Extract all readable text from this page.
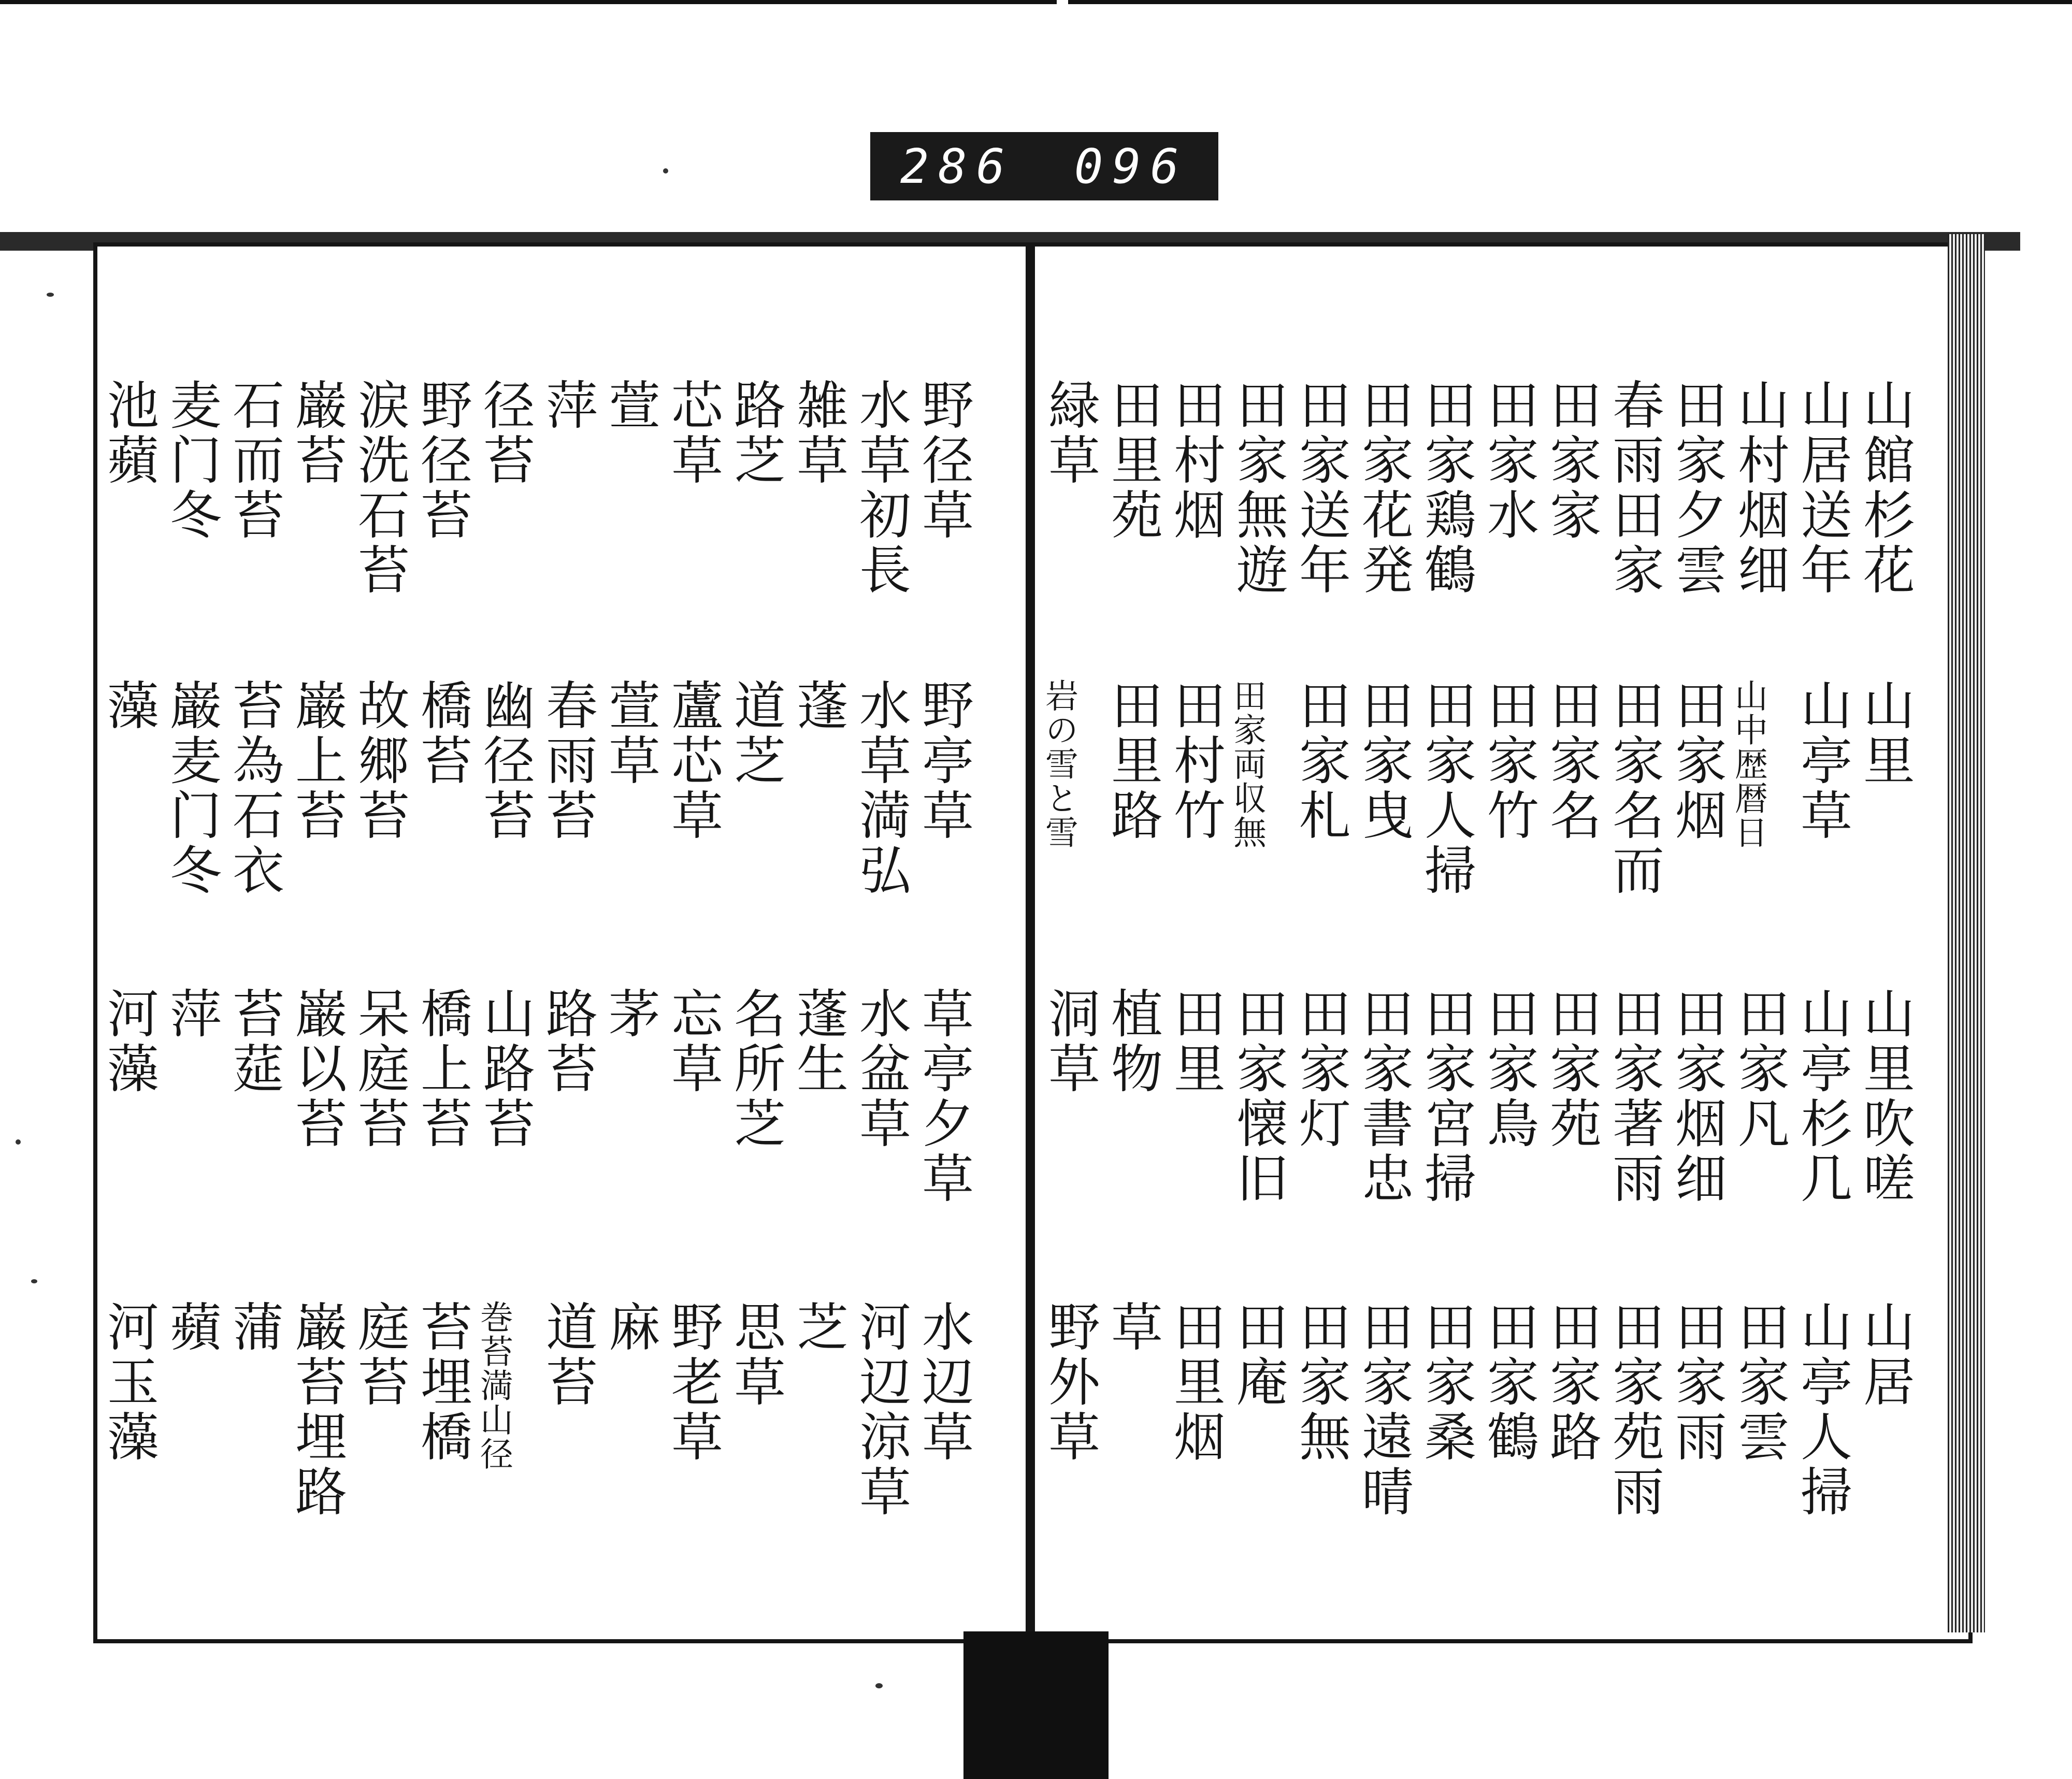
286 096
山館杉花
山居送年
山村烟细
田家夕雲
春雨田家
田家家
田家水
田家鶏鶴
田家花発
田家送年
田家無遊
田村烟
田里苑
緑草
山里
山亭草
山中歴暦日
田家烟
田家名而
田家名
田家竹
田家人掃
田家曳
田家札
田家両収無
田村竹
田里路
岩の雪と雪
山里吹嗟
山亭杉几
田家凡
田家烟细
田家著雨
田家苑
田家鳥
田家宮掃
田家書忠
田家灯
田家懐旧
田里
植物
洞草
山居
山亭人掃
田家雲
田家雨
田家苑雨
田家路
田家鶴
田家桑
田家遠晴
田家無
田庵
田里烟
草
野外草
野径草
水草初長
雑草
路芝
芯草
萱
萍
径苔
野径苔
涙洗石苔
巌苔
石而苔
麦门冬
池蘋
野亭草
水草満弘
蓬
道芝
蘆芯草
萱草
春雨苔
幽径苔
橋苔
故郷苔
巌上苔
苔為石衣
巌麦门冬
藻
草亭夕草
水盆草
蓬生
名所芝
忘草
茅
路苔
山路苔
橋上苔
呆庭苔
巌以苔
苔莚
萍
河藻
水辺草
河辺涼草
芝
思草
野老草
麻
道苔
巻苔満山径
苔埋橋
庭苔
巌苔埋路
蒲
蘋
河玉藻
